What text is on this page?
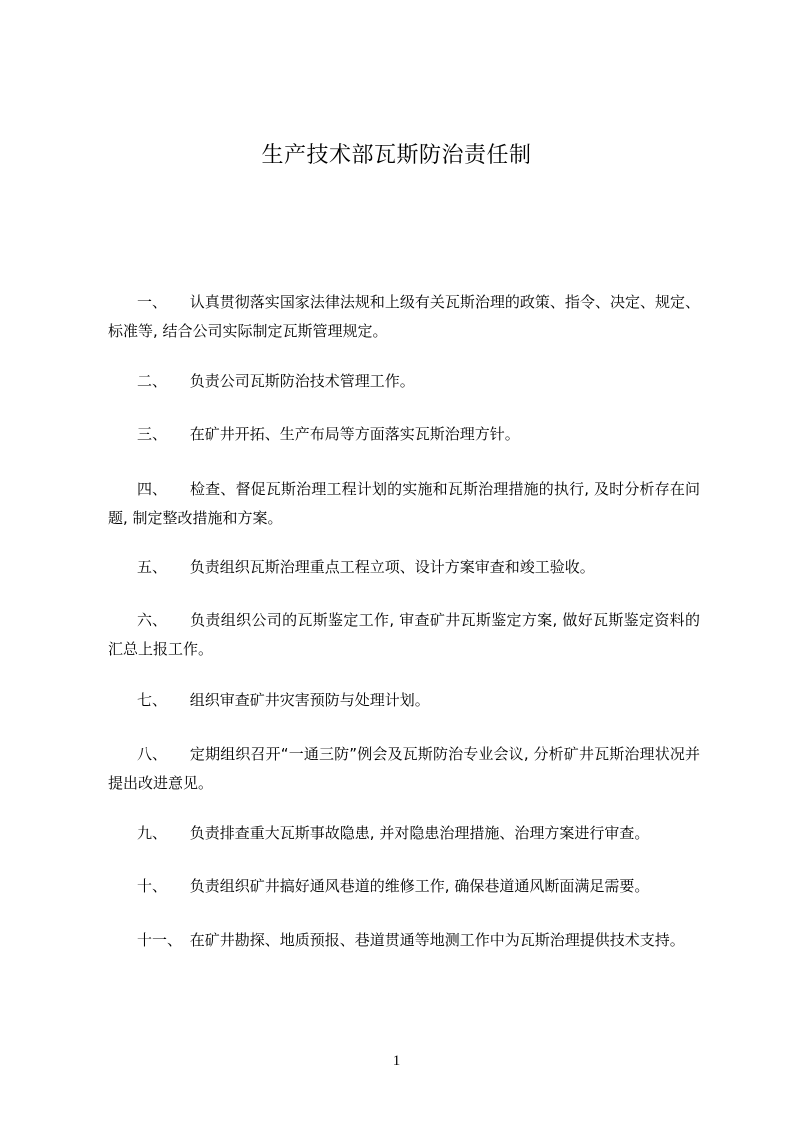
生产技术部瓦斯防治责任制

一、 认真贯彻落实国家法律法规和上级有关瓦斯治理的政策、指令、决定、规定、标准等, 结合公司实际制定瓦斯管理规定。

二、 负责公司瓦斯防治技术管理工作。

三、 在矿井开拓、生产布局等方面落实瓦斯治理方针。

四、 检查、督促瓦斯治理工程计划的实施和瓦斯治理措施的执行, 及时分析存在问题, 制定整改措施和方案。

五、 负责组织瓦斯治理重点工程立项、设计方案审查和竣工验收。

六、 负责组织公司的瓦斯鉴定工作, 审查矿井瓦斯鉴定方案, 做好瓦斯鉴定资料的汇总上报工作。

七、 组织审查矿井灾害预防与处理计划。

八、 定期组织召开“一通三防”例会及瓦斯防治专业会议, 分析矿井瓦斯治理状况并提出改进意见。

九、 负责排查重大瓦斯事故隐患, 并对隐患治理措施、治理方案进行审查。

十、 负责组织矿井搞好通风巷道的维修工作, 确保巷道通风断面满足需要。

十一、 在矿井勘探、地质预报、巷道贯通等地测工作中为瓦斯治理提供技术支持。

1
